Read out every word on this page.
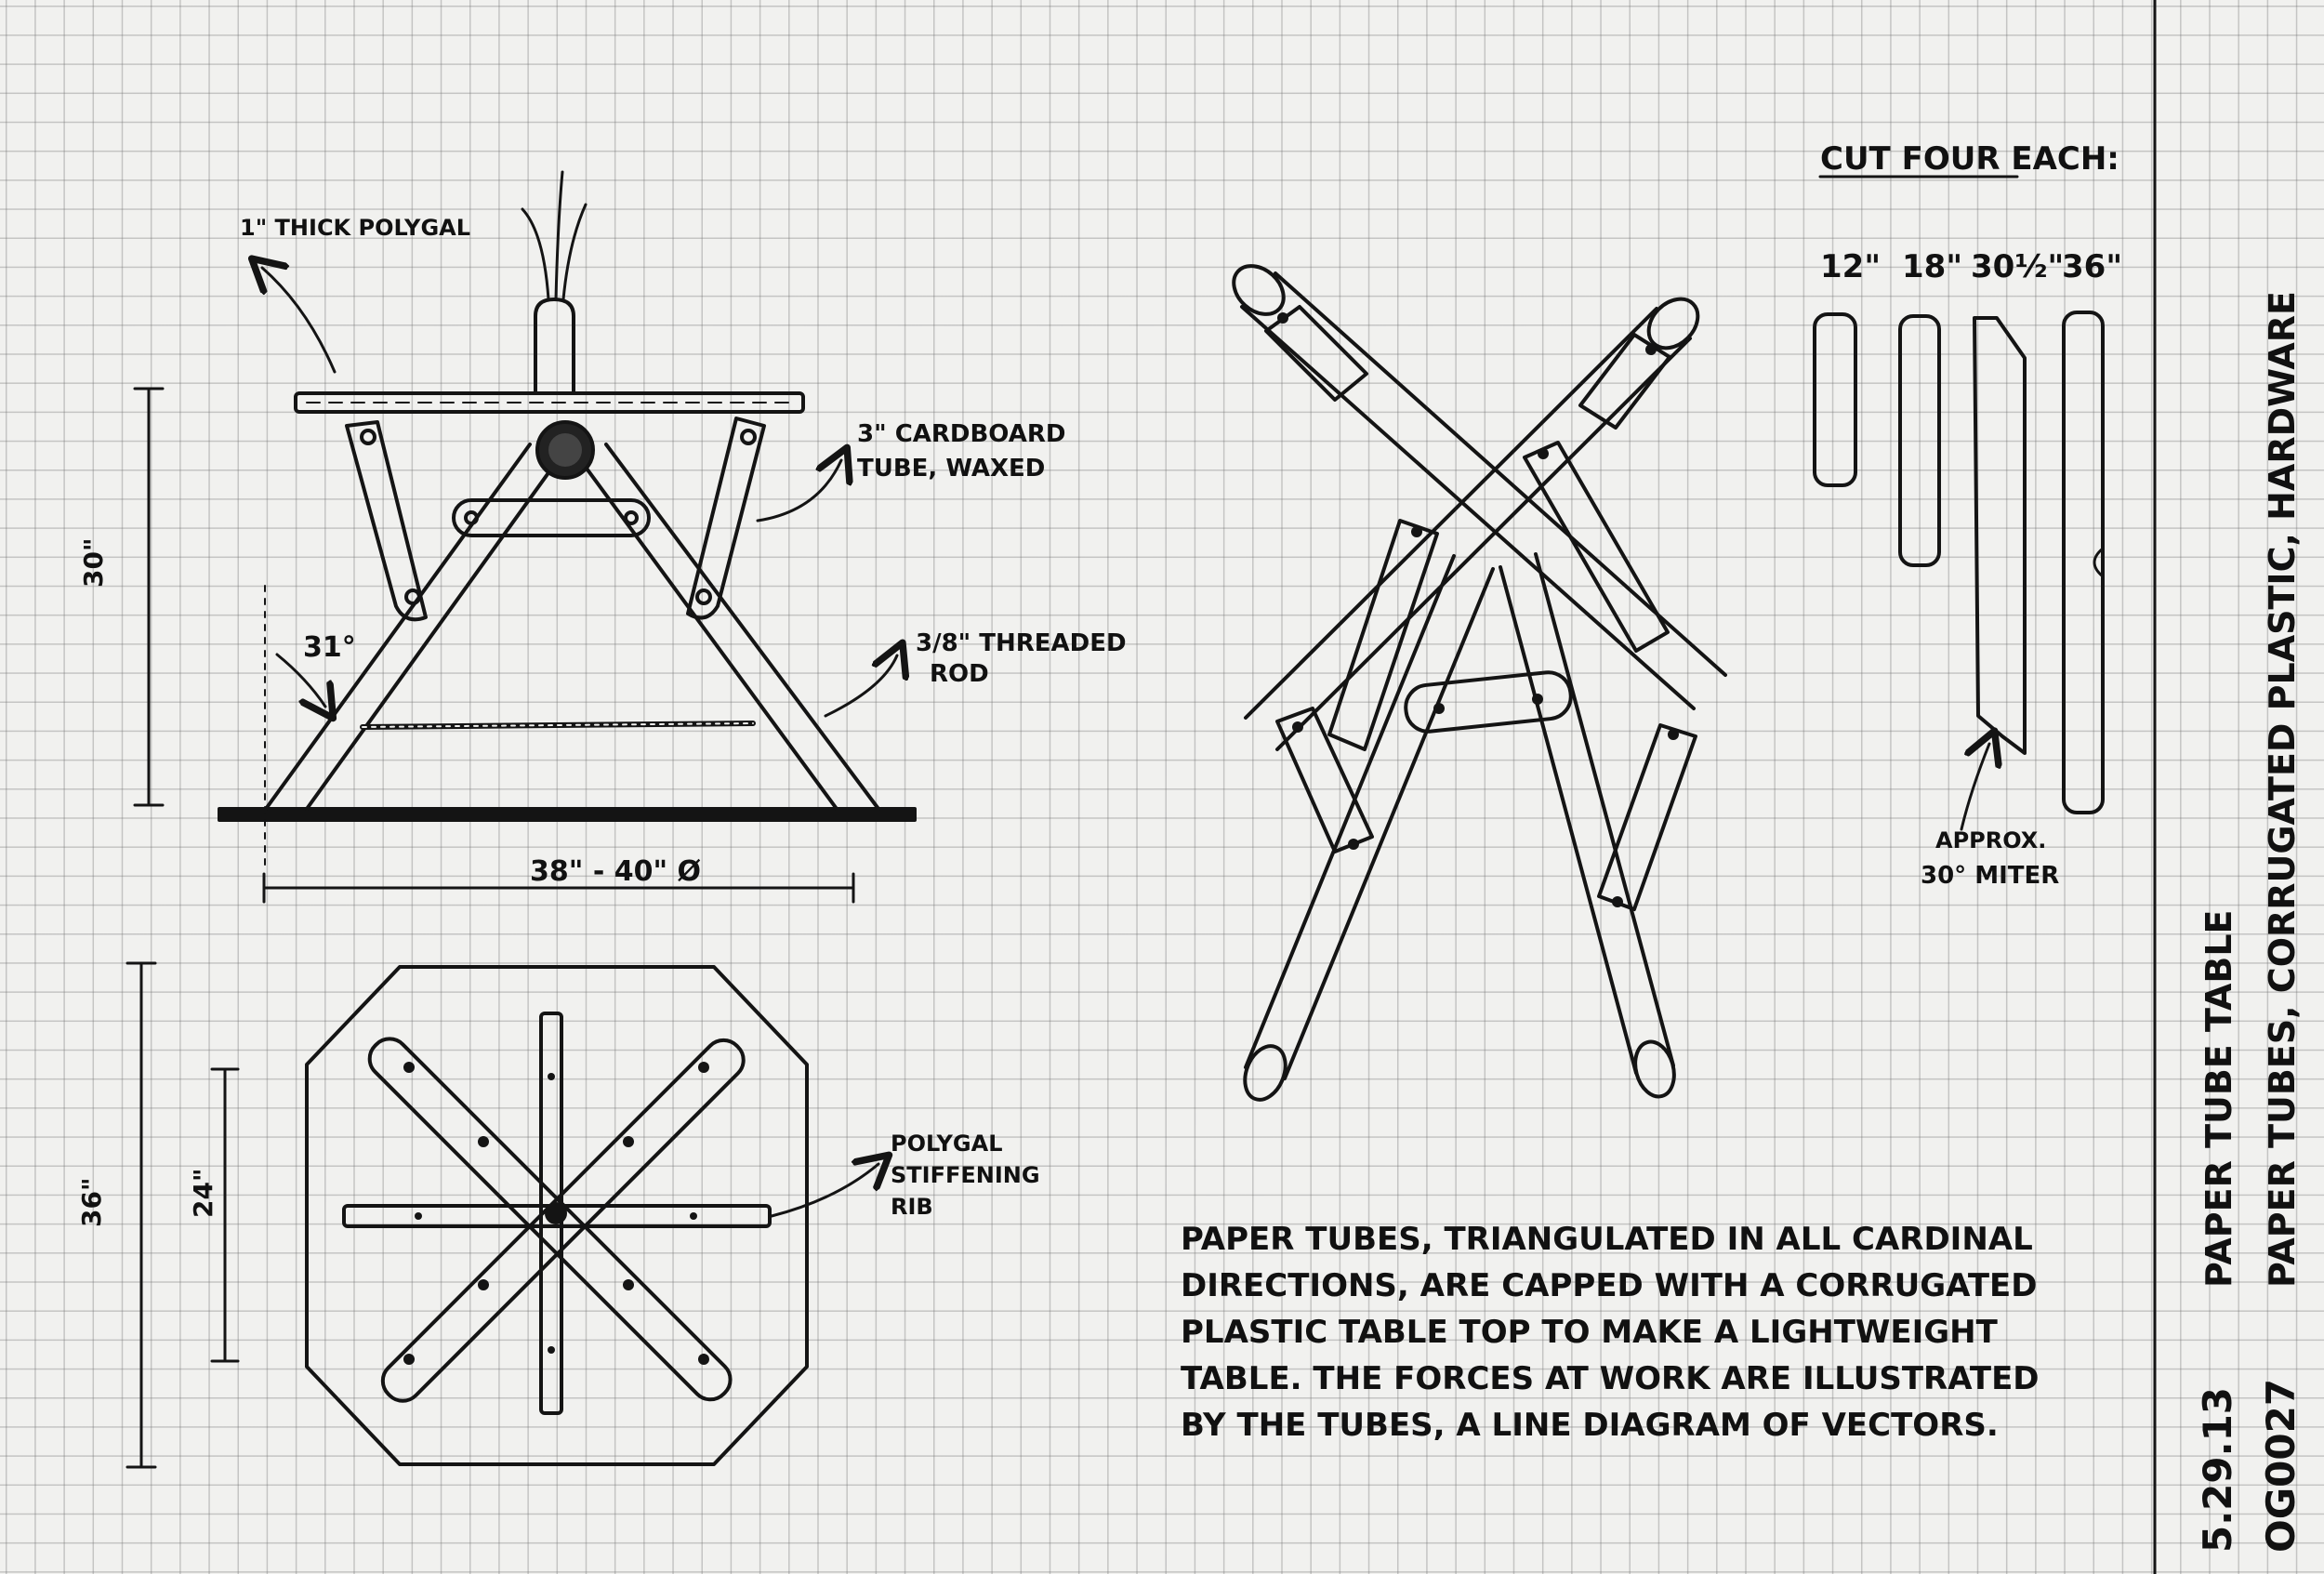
5.29.13 OG0027
PAPER TUBE TABLE PAPER TUBES, CORRUGATED PLASTIC, HARDWARE
30"
31°
38" - 40" Ø
1" THICK POLYGAL
3" CARDBOARD
TUBE, WAXED
3/8" THREADED
ROD
36"	24"
POLYGAL
STIFFENING
RIB
CUT FOUR EACH:
12" 18" 30½"
36"
APPROX.
30° MITER
PAPER TUBES, TRIANGULATED IN ALL CARDINAL
DIRECTIONS, ARE CAPPED WITH A CORRUGATED
PLASTIC TABLE TOP TO MAKE A LIGHTWEIGHT
TABLE. THE FORCES AT WORK ARE ILLUSTRATED
BY THE TUBES, A LINE DIAGRAM OF VECTORS.
